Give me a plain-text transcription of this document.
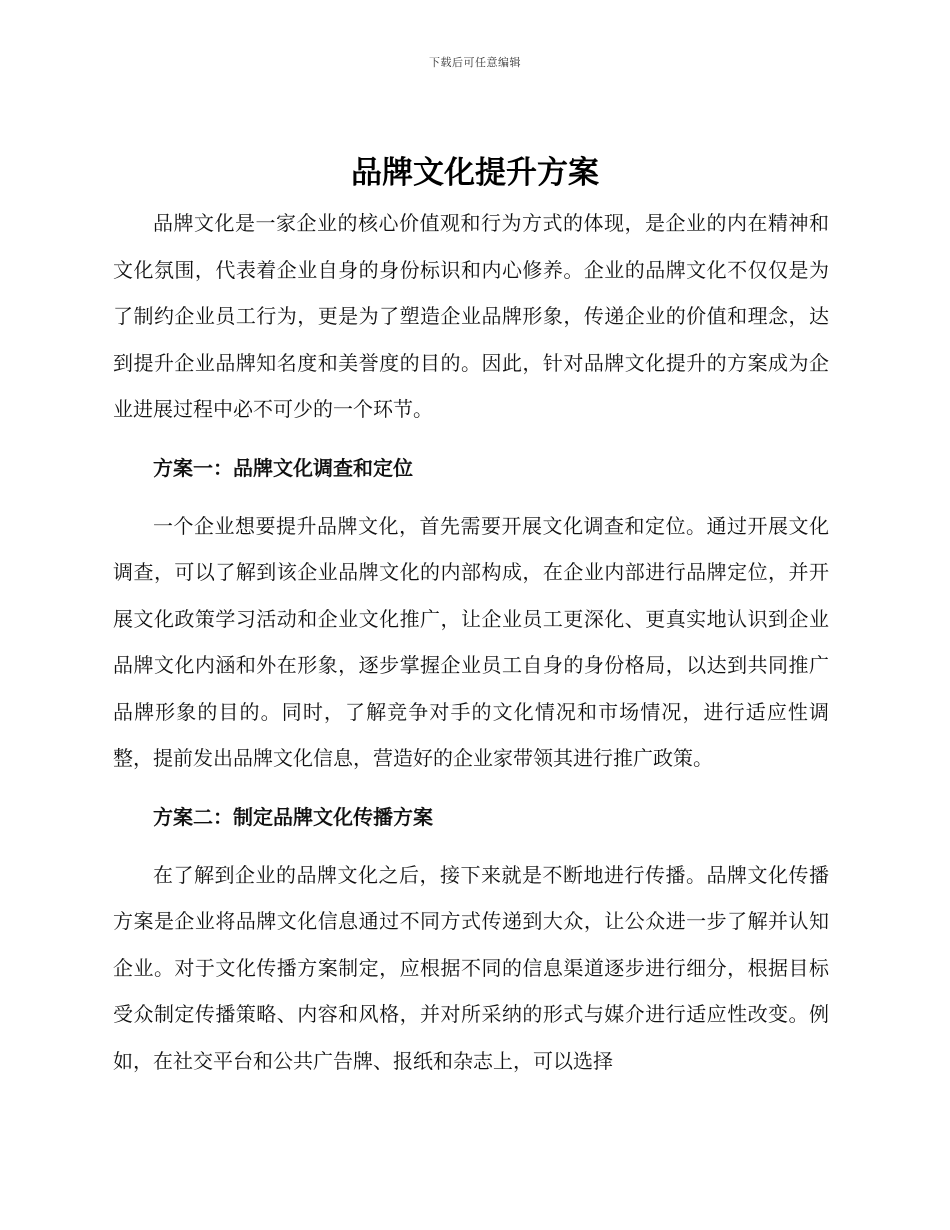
下载后可任意编辑
品牌文化提升方案

品牌文化是一家企业的核心价值观和行为方式的体现，是企业的内在精神和文化氛围，代表着企业自身的身份标识和内心修养。企业的品牌文化不仅仅是为了制约企业员工行为，更是为了塑造企业品牌形象，传递企业的价值和理念，达到提升企业品牌知名度和美誉度的目的。因此，针对品牌文化提升的方案成为企业进展过程中必不可少的一个环节。

方案一：品牌文化调查和定位

一个企业想要提升品牌文化，首先需要开展文化调查和定位。通过开展文化调查，可以了解到该企业品牌文化的内部构成，在企业内部进行品牌定位，并开展文化政策学习活动和企业文化推广，让企业员工更深化、更真实地认识到企业品牌文化内涵和外在形象，逐步掌握企业员工自身的身份格局，以达到共同推广品牌形象的目的。同时，了解竞争对手的文化情况和市场情况，进行适应性调整，提前发出品牌文化信息，营造好的企业家带领其进行推广政策。

方案二：制定品牌文化传播方案

在了解到企业的品牌文化之后，接下来就是不断地进行传播。品牌文化传播方案是企业将品牌文化信息通过不同方式传递到大众，让公众进一步了解并认知企业。对于文化传播方案制定，应根据不同的信息渠道逐步进行细分，根据目标受众制定传播策略、内容和风格，并对所采纳的形式与媒介进行适应性改变。例如，在社交平台和公共广告牌、报纸和杂志上，可以选择
